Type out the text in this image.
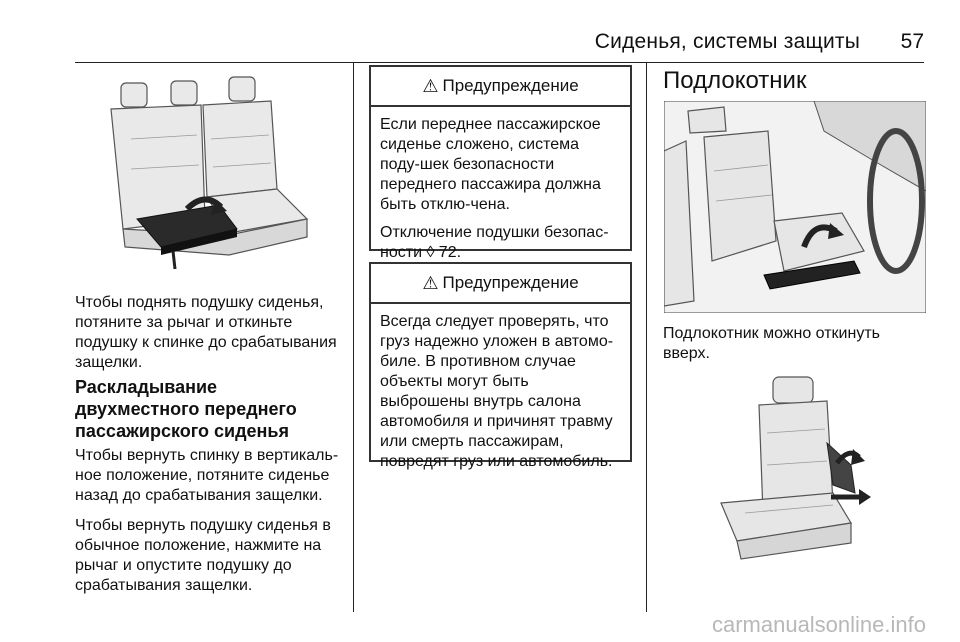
Сиденья, системы защиты 57
Чтобы поднять подушку сиденья, потяните за рычаг и откиньте подушку к спинке до срабатывания защелки.
Раскладывание двухместного переднего пассажирского сиденья

Чтобы вернуть спинку в вертикаль-ное положение, потяните сиденье назад до срабатывания защелки.

Чтобы вернуть подушку сиденья в обычное положение, нажмите на рычаг и опустите подушку до срабатывания защелки.

⚠ Предупреждение

Если переднее пассажирское сиденье сложено, система поду-шек безопасности переднего пассажира должна быть отклю-чена.

Отключение подушки безопас-ности ◊ 72.

⚠ Предупреждение

Всегда следует проверять, что груз надежно уложен в автомо-биле. В противном случае объекты могут быть выброшены внутрь салона автомобиля и причинят травму или смерть пассажирам, повредят груз или автомобиль.

Подлокотник
Подлокотник можно откинуть вверх.
carmanualsonline.info
